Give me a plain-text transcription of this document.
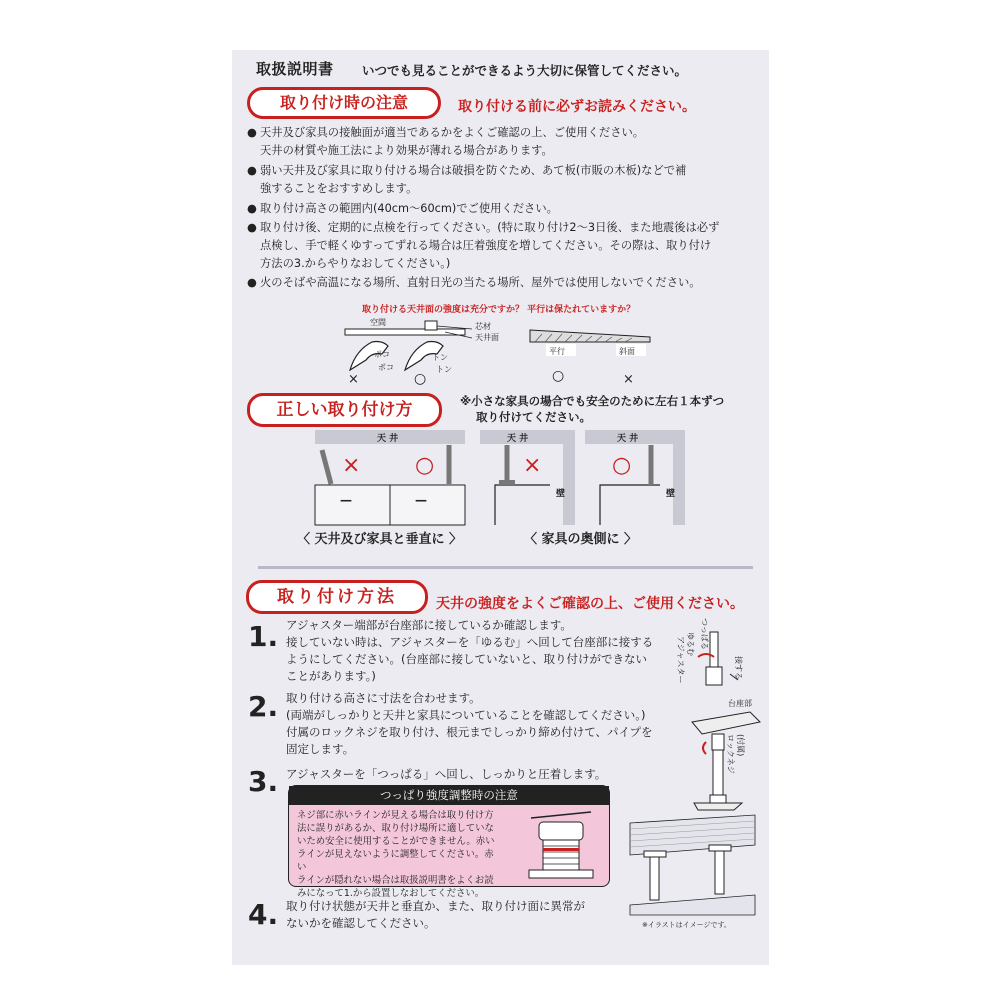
取扱説明書 いつでも見ることができるよう大切に保管してください。
取り付け時の注意	取り付ける前に必ずお読みください。
● 天井及び家具の接触面が適当であるかをよくご確認の上、ご使用ください。
天井の材質や施工法により効果が薄れる場合があります。
● 弱い天井及び家具に取り付ける場合は破損を防ぐため、あて板(市販の木板)などで補
強することをおすすめします。
● 取り付け高さの範囲内(40cm〜60cm)でご使用ください。
● 取り付け後、定期的に点検を行ってください。(特に取り付け2〜3日後、また地震後は必ず
点検し、手で軽くゆすってずれる場合は圧着強度を増してください。その際は、取り付け
方法の3.からやりなおしてください。)
● 火のそばや高温になる場所、直射日光の当たる場所、屋外では使用しないでください。
取り付ける天井面の強度は充分ですか？ 平行は保たれていますか？
空間	芯材
天井面
ポコ
ポコ
トン
トン
×	○
平行	斜面
○	×
正しい取り付け方	※小さな家具の場合でも安全のために左右１本ずつ
取り付けてください。
天 井
—	—
× ○
天 井
壁
×
天 井
壁
○
〈 天井及び家具と垂直に 〉	〈 家具の奥側に 〉
取り付け方法	天井の強度をよくご確認の上、ご使用ください。
1. アジャスター端部が台座部に接しているか確認します。
接していない時は、アジャスターを「ゆるむ」へ回して台座部に接する
ようにしてください。(台座部に接していないと、取り付けができない
ことがあります。)
2. 取り付ける高さに寸法を合わせます。
(両端がしっかりと天井と家具についていることを確認してください。)
付属のロックネジを取り付け、根元までしっかり締め付けて、パイプを
固定します。
3. アジャスターを「つっぱる」へ回し、しっかりと圧着します。
つっぱり強度調整時の注意
ネジ部に赤いラインが見える場合は取り付け方
法に誤りがあるか、取り付け場所に適していな
いため安全に使用することができません。赤い
ラインが見えないように調整してください。赤い
ラインが隠れない場合は取扱説明書をよくお読
みになって1.から設置しなおしてください。
4. 取り付け状態が天井と垂直か、また、取り付け面に異常が
ないかを確認してください。
つっぱる
ゆるむ
アジャスター	接する
台座部
(付属)
ロックネジ
※イラストはイメージです。
